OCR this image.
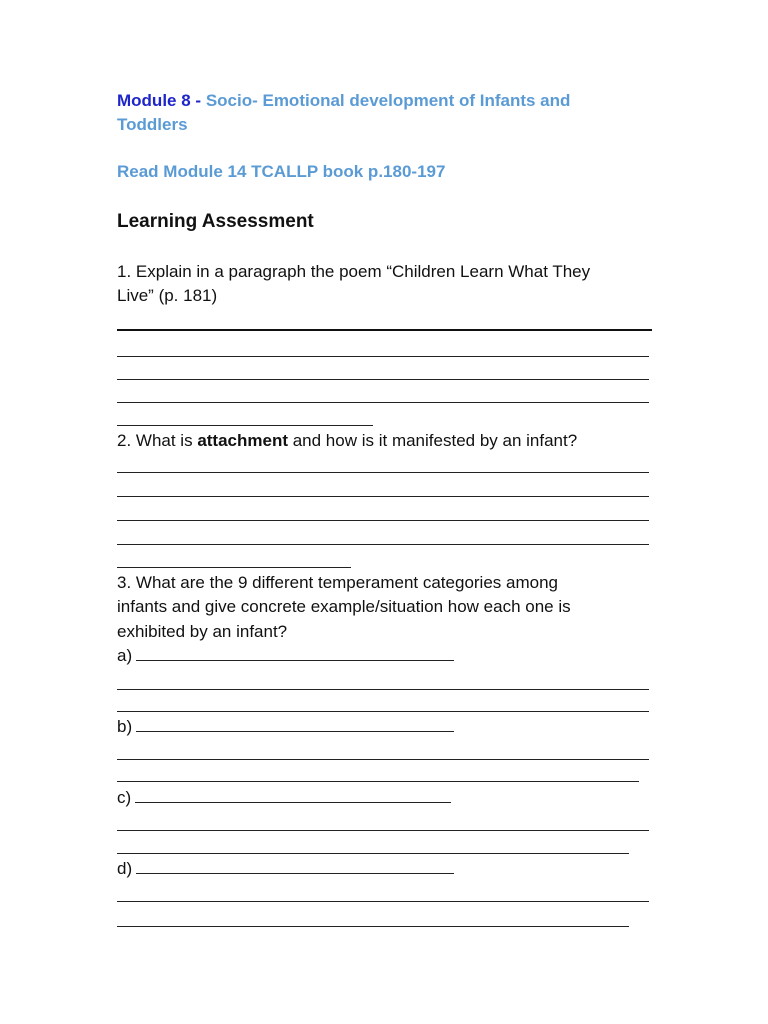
Module 8 - Socio- Emotional development of Infants and
Toddlers
Read Module 14 TCALLP book p.180-197
Learning Assessment
1. Explain in a paragraph the poem “Children Learn What They
Live” (p. 181)
2. What is attachment and how is it manifested by an infant?
3. What are the 9 different temperament categories among
infants and give concrete example/situation how each one is
exhibited by an infant?
a)
b)
c)
d)
